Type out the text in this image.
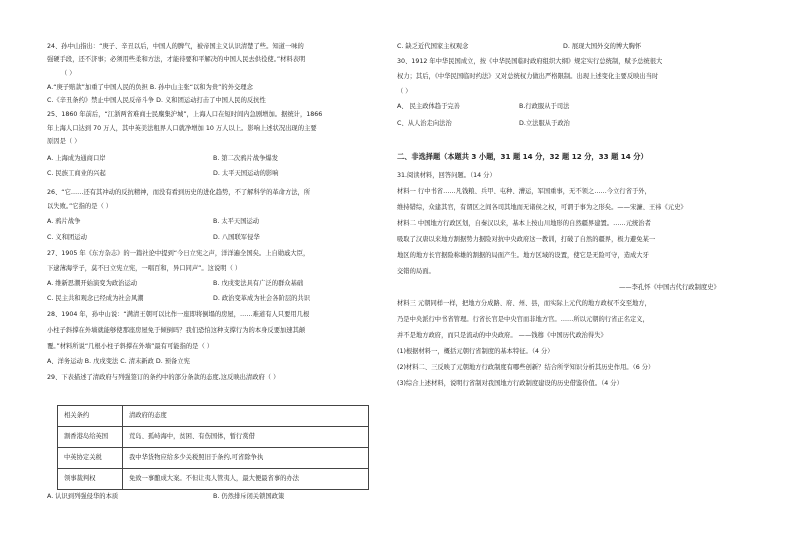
24、孙中山指出：“庚子、辛丑以后，中国人的脾气，被帝国主义认识清楚了些。知道一味的
强硬手段，还不济事；必须用些柔和方法，才能待要和平解决的中国人民去供役使。”材料表明
（ ）
A.“庚子赔款”加重了中国人民的负担 B. 孙中山主张“以和为贵”的外交理念
C.《辛丑条约》禁止中国人民反帝斗争 D. 义和团运动打击了中国人民的反抗性
25、1860 年前后，“江浙两省难商士民麇集沪城”，上海人口在短时间内急剧增加。据统计，1866
年上海人口达到 70 万人，其中英美法租界人口就净增加 10 万人以上。影响上述状况出现的主要
原因是（ ）
A. 上海成为通商口岸	B. 第二次鸦片战争爆发
C. 民族工商业的兴起	D. 太平天国运动的影响
26、“它……还有其冲动的反抗精神，而没有看到历史的进化趋势，不了解科学的革命方法，所
以失败。”它指的是（ ）
A. 鸦片战争	B. 太平天国运动
C. 义和团运动	D. 八国联军侵华
27、1905 年《东方杂志》的一篇社论中提到“今日立宪之声，洋洋遍全国矣。上自勋戚大臣，
下逮薄海学子，莫不曰立宪立宪，一唱百和，异口同声”。这说明（ ）
A. 维新思潮开始演变为政治运动	B. 戊戌变法具有广泛的群众基础
C. 民主共和观念已经成为社会风潮	D. 政治变革成为社会各阶层的共识
28、1904 年，孙中山说：“满清王朝可以比作一座即将倒塌的房屋，……难道有人只要用几根
小柱子斜撑在外墙就能够使那座房屋免于倾倒吗？我们恐怕这种支撑行为的本身反要加速其颠
覆。”材料所说“几根小柱子斜撑在外墙”最有可能指的是（ ）
A、洋务运动 B. 戊戌变法 C. 清末新政 D. 预备立宪
29、下表描述了清政府与列强签订的条约中的部分条款的态度,这反映出清政府（ ）
相关条约	清政府的态度
割香港岛给英国	荒岛、孤峙海中，贫困、有伤国体，暂行赏借
中英协定关税	我中华货物应给多少关税照旧于条约,可省除争执
领事裁判权	免致一事酿成大案。不但让夷人管夷人，最大便最省事的办法
A. 认识到列强侵华的本质	B. 仍然排斥闭关锁国政策
C. 缺乏近代国家主权观念	D. 展现大国外交的博大胸怀
30、1912 年中华民国成立，按《中华民国临时政府组织大纲》规定实行总统制，赋予总统很大
权力；其后，《中华民国临时约法》又对总统权力做出严格限制。出现上述变化主要反映出当时
（ ）
A、 民主政体趋于完善	B.行政服从于司法
C、从人治走向法治	D.立法服从于政治
二、非选择题（本题共 3 小题，31 题 14 分，32 题 12 分，33 题 14 分）
31.阅读材料，回答问题。（14 分）
材料一 行中书省……凡钱粮、兵甲、屯种、漕运，军国重事，无不领之……今立行省于外，
维持错综，众建其官，有谓区之间各司其地而无诸侯之权，可谓于事为之形矣。——宋濂、王祎《元史》
材料二 中国地方行政区划，自秦汉以来，基本上按山川地形的自然疆界建置。……元统治者
吸取了汉唐以来地方割据势力据险对抗中央政府这一教训，打破了自然的疆界，极力避免某一
地区的地方长官据险称雄的割据的局面产生。地方区域的设置，使它是无险可守，造成大牙
交错的局面。
——李孔怀《中国古代行政制度史》
材料三 元朝同样一样，把地方分成路、府、州、县，而实际上元代的地方政权不交至地方，
乃是中央派行中书省管理。行省长官是中央官而非地方官。……所以元朝的行省正名定义，
并不是地方政府，而只是流动的中央政府。 ——钱穆《中国历代政治得失》
(1)根据材料一，概括元朝行省制度的基本特征。（4 分）
(2)材料二、三反映了元朝地方行政制度有哪些创新？结合所学知识分析其历史作用。（6 分）
(3)综合上述材料，说明行省制对我国地方行政制度建设的历史借鉴价值。（4 分）
